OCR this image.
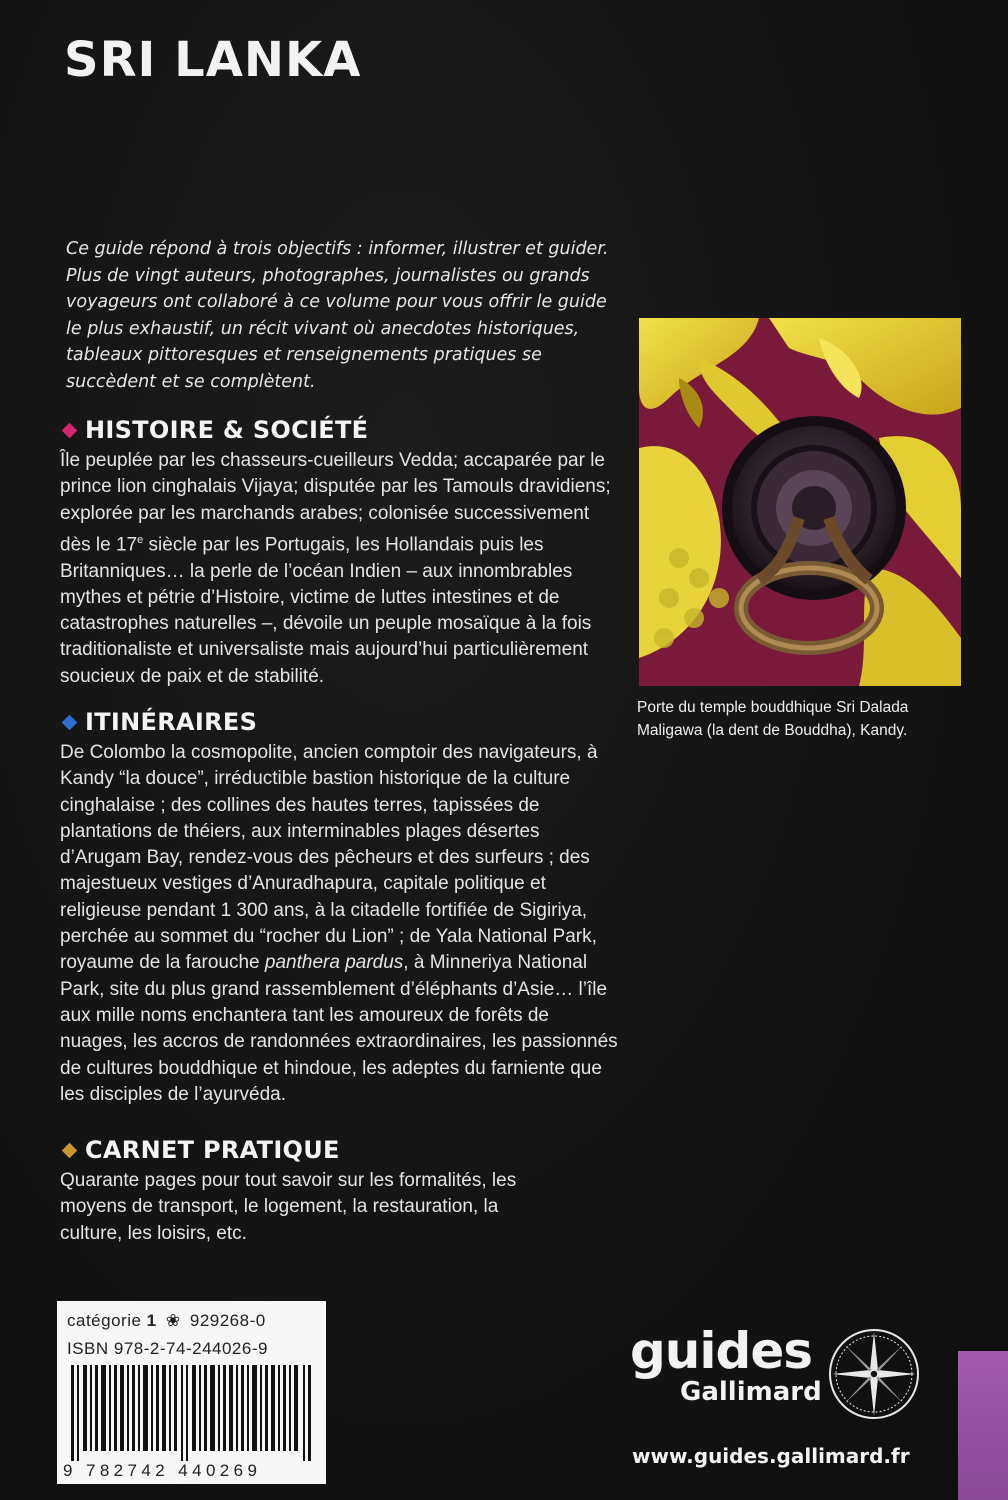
SRI LANKA
Ce guide répond à trois objectifs : informer, illustrer et guider. Plus de vingt auteurs, photographes, journalistes ou grands voyageurs ont collaboré à ce volume pour vous offrir le guide le plus exhaustif, un récit vivant où anecdotes historiques, tableaux pittoresques et renseignements pratiques se succèdent et se complètent.
HISTOIRE & SOCIÉTÉ
Île peuplée par les chasseurs-cueilleurs Vedda; accaparée par le prince lion cinghalais Vijaya; disputée par les Tamouls dravidiens; explorée par les marchands arabes; colonisée successivement dès le 17e siècle par les Portugais, les Hollandais puis les Britanniques… la perle de l’océan Indien – aux innombrables mythes et pétrie d’Histoire, victime de luttes intestines et de catastrophes naturelles –, dévoile un peuple mosaïque à la fois traditionaliste et universaliste mais aujourd’hui particulièrement soucieux de paix et de stabilité.
ITINÉRAIRES
De Colombo la cosmopolite, ancien comptoir des navigateurs, à Kandy “la douce”, irréductible bastion historique de la culture cinghalaise ; des collines des hautes terres, tapissées de plantations de théiers, aux interminables plages désertes d’Arugam Bay, rendez-vous des pêcheurs et des surfeurs ; des majestueux vestiges d’Anuradhapura, capitale politique et religieuse pendant 1 300 ans, à la citadelle fortifiée de Sigiriya, perchée au sommet du “rocher du Lion” ; de Yala National Park, royaume de la farouche panthera pardus, à Minneriya National Park, site du plus grand rassemblement d’éléphants d’Asie… l’île aux mille noms enchantera tant les amoureux de forêts de nuages, les accros de randonnées extraordinaires, les passionnés de cultures bouddhique et hindoue, les adeptes du farniente que les disciples de l’ayurvéda.
CARNET PRATIQUE
Quarante pages pour tout savoir sur les formalités, les moyens de transport, le logement, la restauration, la culture, les loisirs, etc.
Porte du temple bouddhique Sri Dalada Maligawa (la dent de Bouddha), Kandy.
catégorie 1 ❀ 929268-0
ISBN 978-2-74-244026-9
9 782742 440269
guides
Gallimard
www.guides.gallimard.fr
